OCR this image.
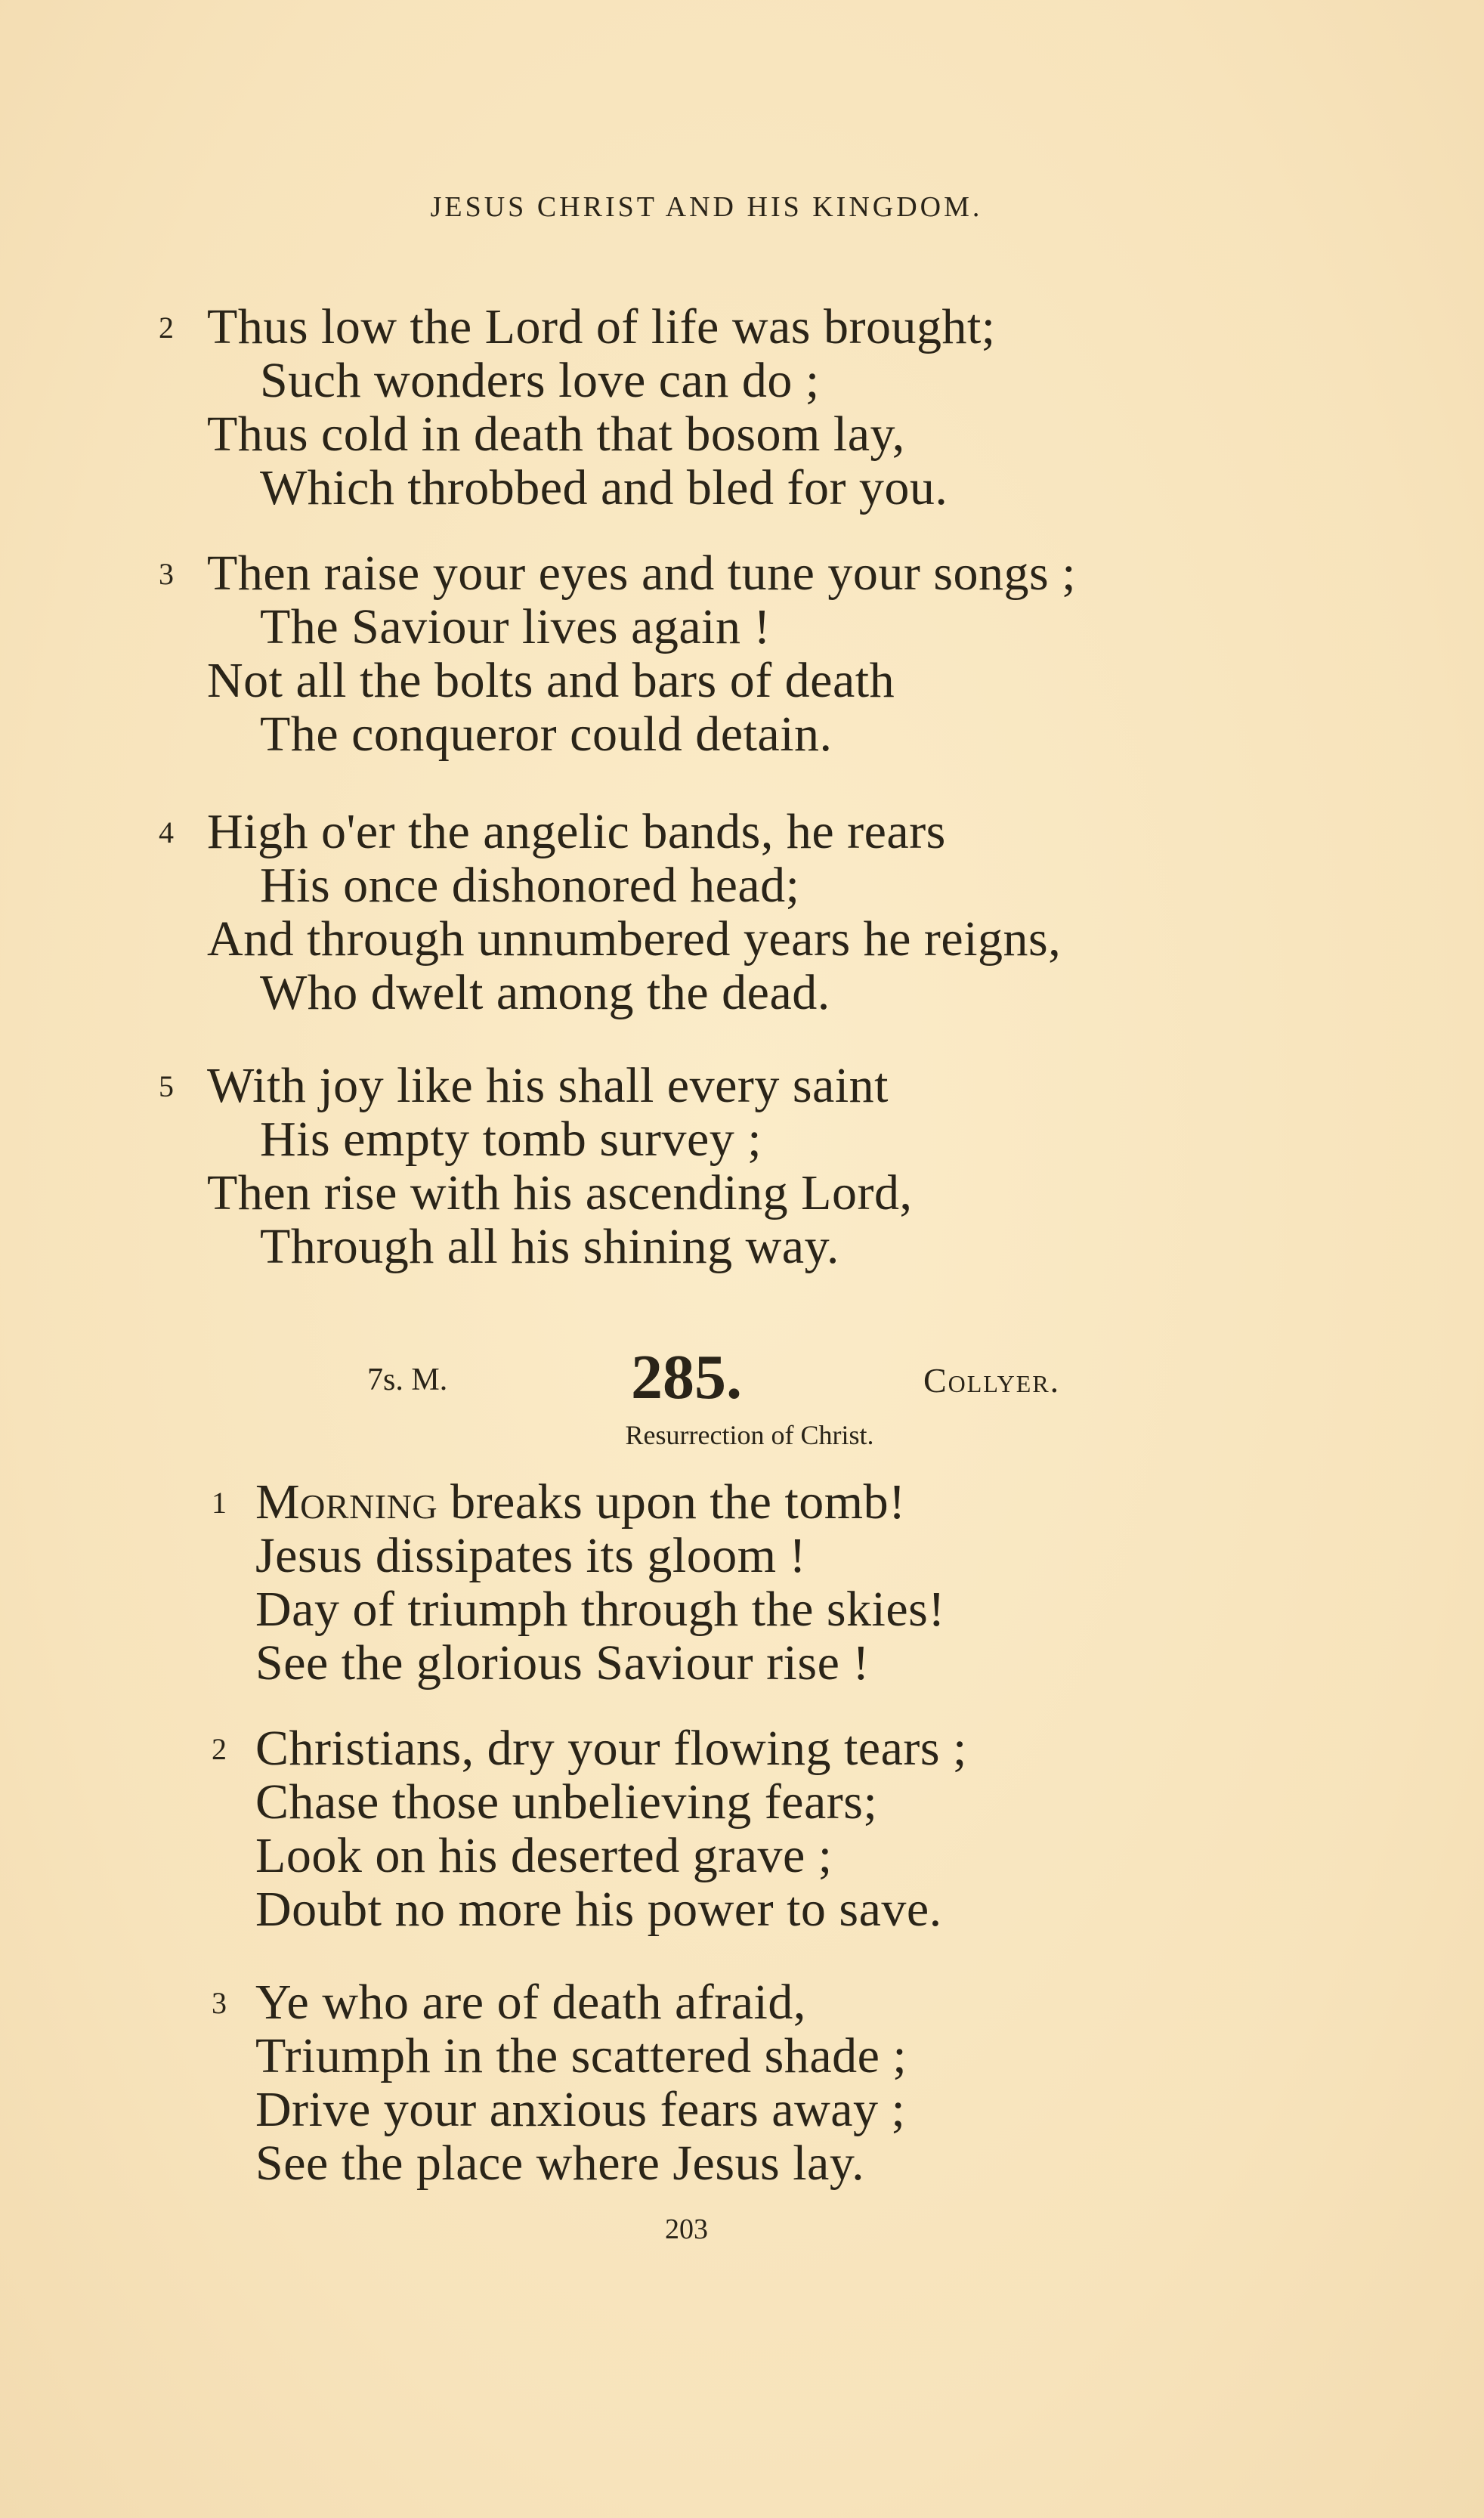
JESUS CHRIST AND HIS KINGDOM.
2 Thus low the Lord of life was brought;
Such wonders love can do ;
Thus cold in death that bosom lay,
Which throbbed and bled for you.
3 Then raise your eyes and tune your songs ;
The Saviour lives again !
Not all the bolts and bars of death
The conqueror could detain.
4 High o'er the angelic bands, he rears
His once dishonored head;
And through unnumbered years he reigns,
Who dwelt among the dead.
5 With joy like his shall every saint
His empty tomb survey ;
Then rise with his ascending Lord,
Through all his shining way.
7s. M.	285.	Collyer.
Resurrection of Christ.
1 Morning breaks upon the tomb!
Jesus dissipates its gloom !
Day of triumph through the skies!
See the glorious Saviour rise !
2 Christians, dry your flowing tears ;
Chase those unbelieving fears;
Look on his deserted grave ;
Doubt no more his power to save.
3 Ye who are of death afraid,
Triumph in the scattered shade ;
Drive your anxious fears away ;
See the place where Jesus lay.
203
